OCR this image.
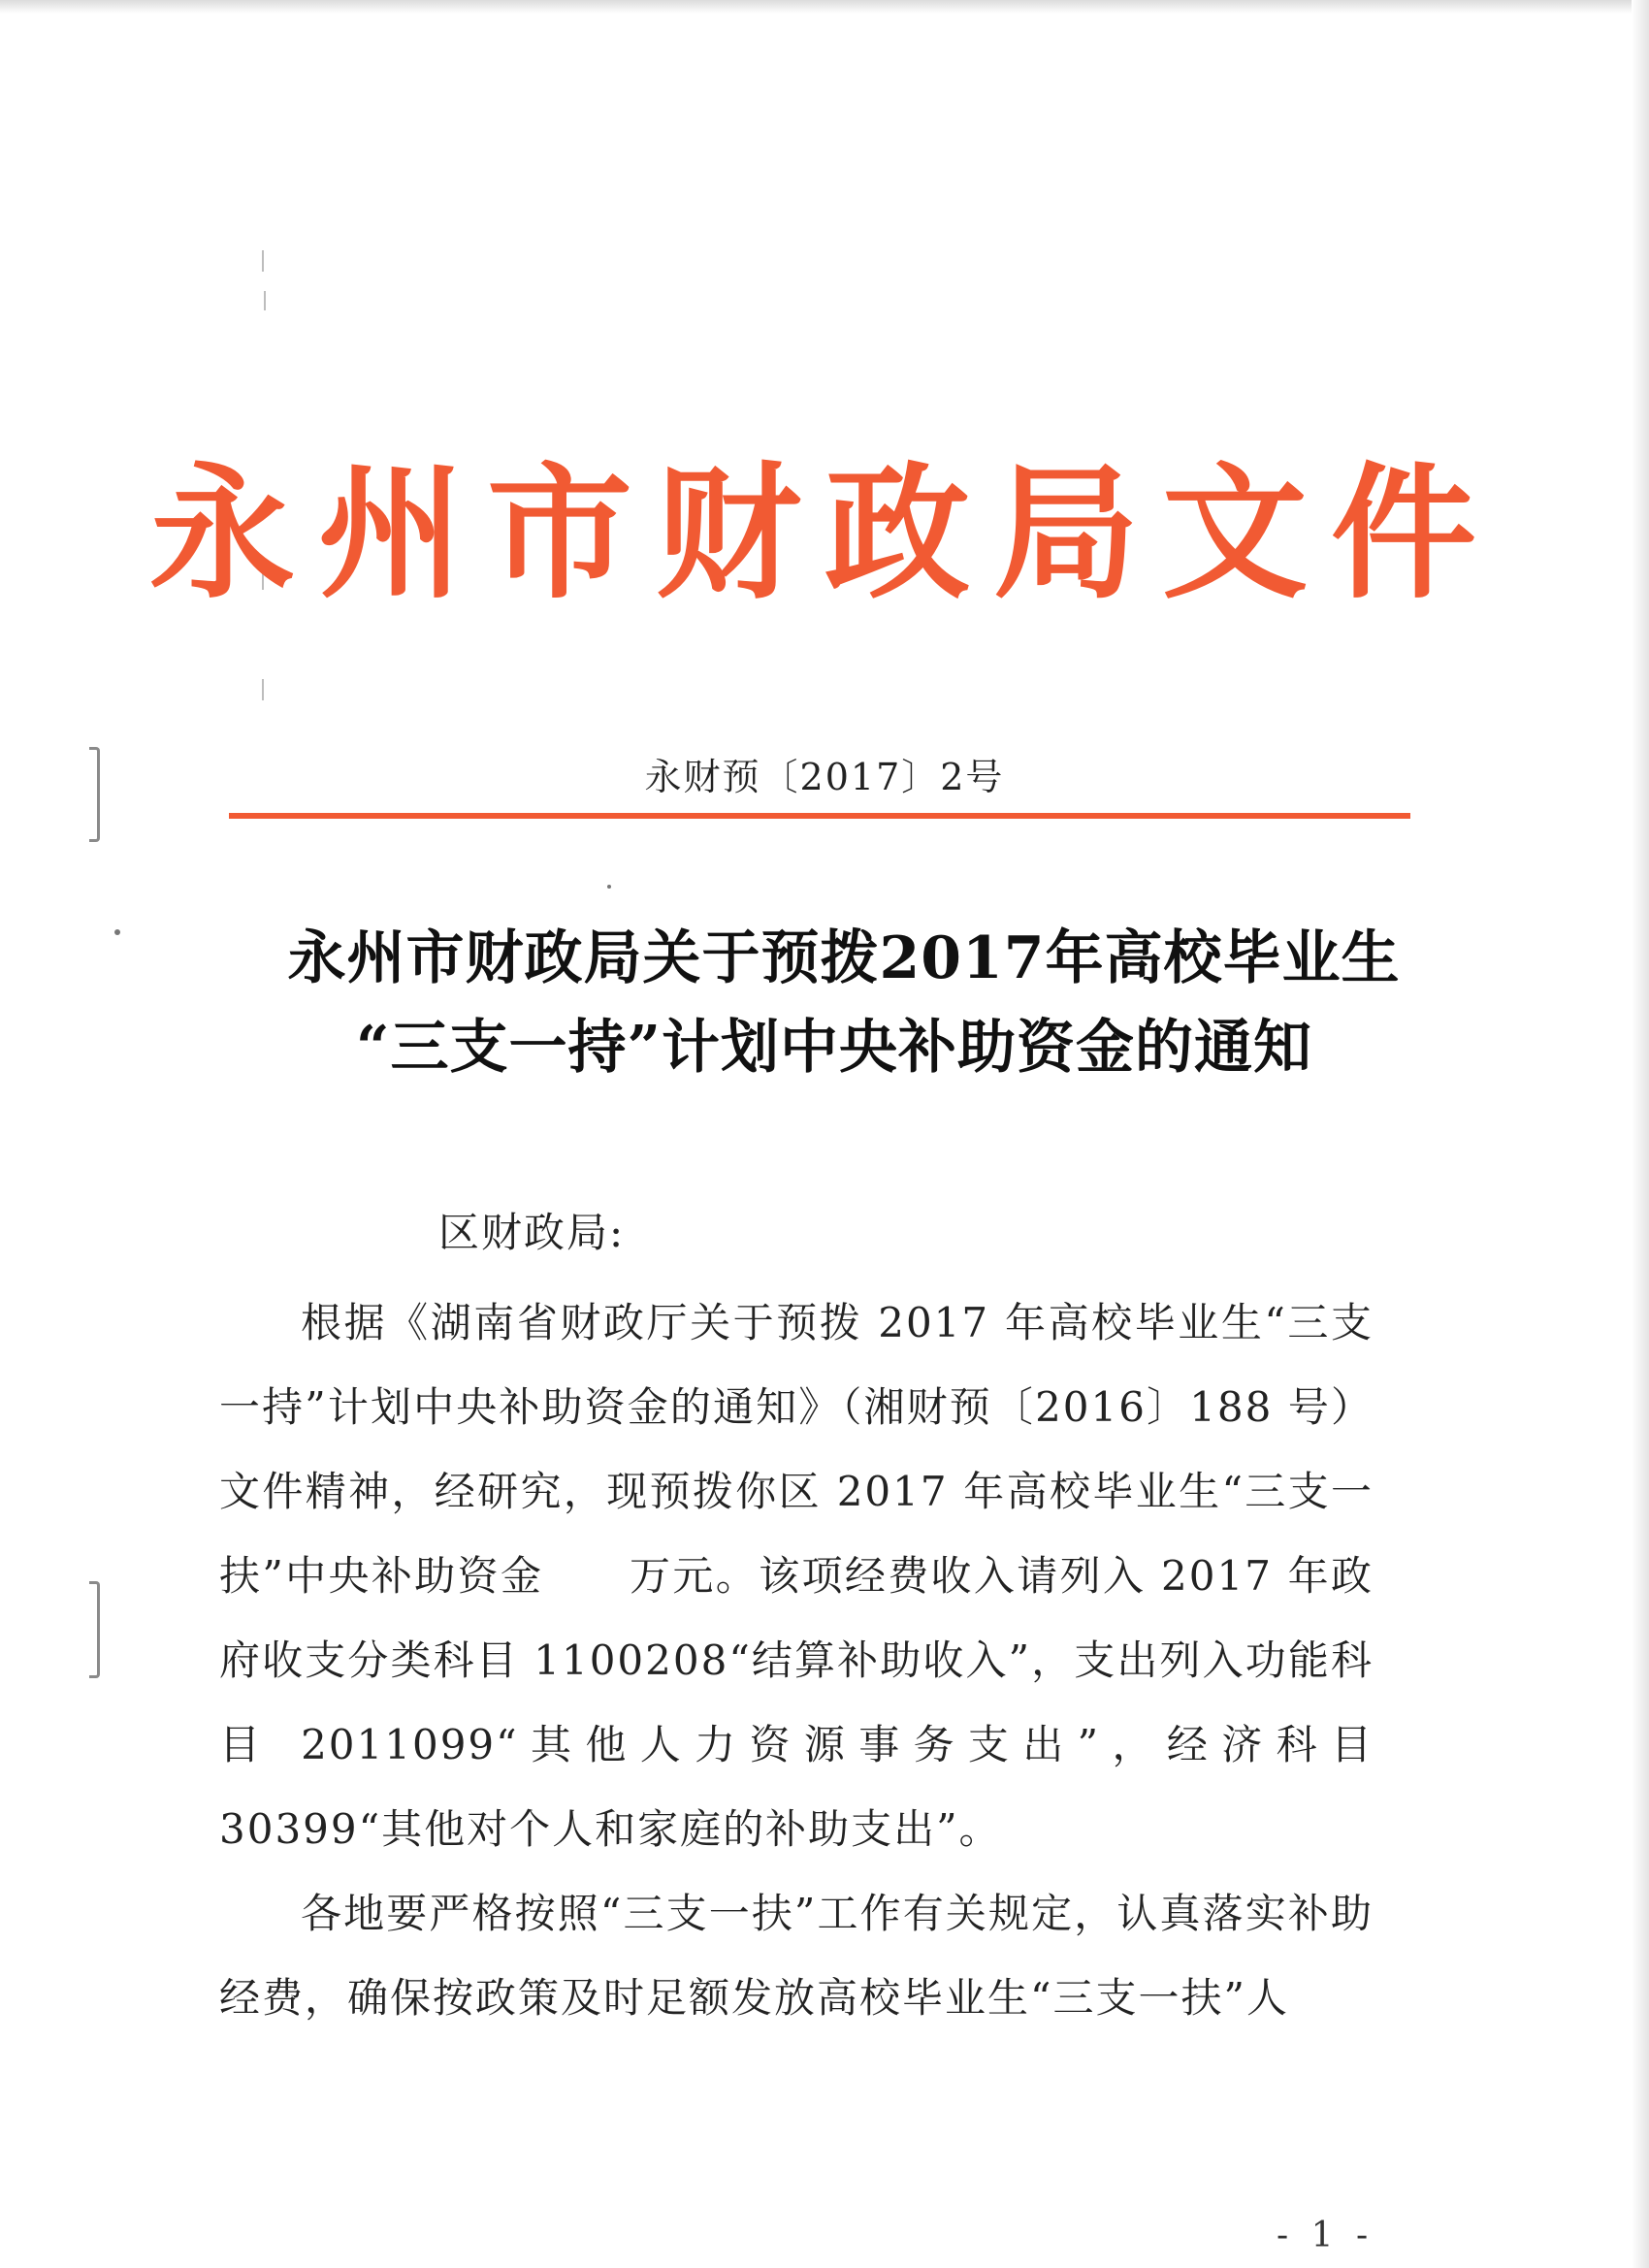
永州市财政局文件
永财预〔2017〕2号
永州市财政局关于预拨2017年高校毕业生
“三支一持”计划中央补助资金的通知
区财政局:

根据《湖南省财政厅关于预拨 2017 年高校毕业生“三支一持”计划中央补助资金的通知》（湘财预〔2016〕188 号）文件精神，经研究，现预拨你区 2017 年高校毕业生“三支一扶”中央补助资金　　万元。该项经费收入请列入 2017 年政府收支分类科目 1100208“结算补助收入”，支出列入功能科目 2011099“其他人力资源事务支出”，经济科目 30399“其他对个人和家庭的补助支出”。

各地要严格按照“三支一扶”工作有关规定，认真落实补助经费，确保按政策及时足额发放高校毕业生“三支一扶”人

- 1 -
